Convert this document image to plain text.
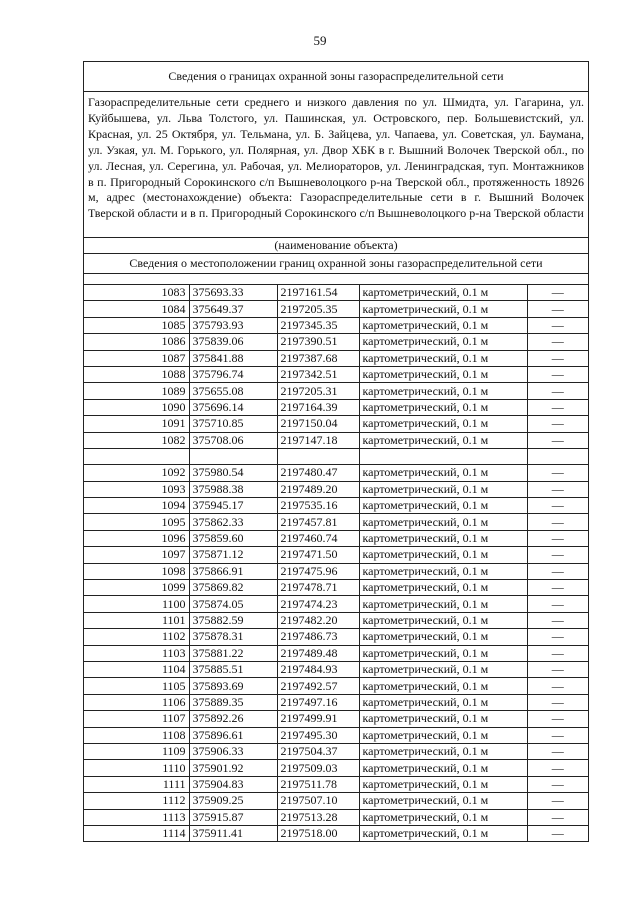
59
Сведения о границах охранной зоны газораспределительной сети
Газораспределительные сети среднего и низкого давления по ул. Шмидта, ул. Гагарина, ул. Куйбышева, ул. Льва Толстого, ул. Пашинская, ул. Островского, пер. Большевистский, ул. Красная, ул. 25 Октября, ул. Тельмана, ул. Б. Зайцева, ул. Чапаева, ул. Советская, ул. Баумана, ул. Узкая, ул. М. Горького, ул. Полярная, ул. Двор ХБК в г. Вышний Волочек Тверской обл., по ул. Лесная, ул. Серегина, ул. Рабочая, ул. Мелиораторов, ул. Ленинградская, туп. Монтажников в п. Пригородный Сорокинского с/п Вышневолоцкого р-на Тверской обл., протяженность 18926 м, адрес (местонахождение) объекта: Газораспределительные сети в г. Вышний Волочек Тверской области и в п. Пригородный Сорокинского с/п Вышневолоцкого р-на Тверской области
(наименование объекта)
Сведения о местоположении границ охранной зоны газораспределительной сети
1083	375693.33	2197161.54	картометрический, 0.1 м	—
1084	375649.37	2197205.35	картометрический, 0.1 м	—
1085	375793.93	2197345.35	картометрический, 0.1 м	—
1086	375839.06	2197390.51	картометрический, 0.1 м	—
1087	375841.88	2197387.68	картометрический, 0.1 м	—
1088	375796.74	2197342.51	картометрический, 0.1 м	—
1089	375655.08	2197205.31	картометрический, 0.1 м	—
1090	375696.14	2197164.39	картометрический, 0.1 м	—
1091	375710.85	2197150.04	картометрический, 0.1 м	—
1082	375708.06	2197147.18	картометрический, 0.1 м	—

1092	375980.54	2197480.47	картометрический, 0.1 м	—
1093	375988.38	2197489.20	картометрический, 0.1 м	—
1094	375945.17	2197535.16	картометрический, 0.1 м	—
1095	375862.33	2197457.81	картометрический, 0.1 м	—
1096	375859.60	2197460.74	картометрический, 0.1 м	—
1097	375871.12	2197471.50	картометрический, 0.1 м	—
1098	375866.91	2197475.96	картометрический, 0.1 м	—
1099	375869.82	2197478.71	картометрический, 0.1 м	—
1100	375874.05	2197474.23	картометрический, 0.1 м	—
1101	375882.59	2197482.20	картометрический, 0.1 м	—
1102	375878.31	2197486.73	картометрический, 0.1 м	—
1103	375881.22	2197489.48	картометрический, 0.1 м	—
1104	375885.51	2197484.93	картометрический, 0.1 м	—
1105	375893.69	2197492.57	картометрический, 0.1 м	—
1106	375889.35	2197497.16	картометрический, 0.1 м	—
1107	375892.26	2197499.91	картометрический, 0.1 м	—
1108	375896.61	2197495.30	картометрический, 0.1 м	—
1109	375906.33	2197504.37	картометрический, 0.1 м	—
1110	375901.92	2197509.03	картометрический, 0.1 м	—
1111	375904.83	2197511.78	картометрический, 0.1 м	—
1112	375909.25	2197507.10	картометрический, 0.1 м	—
1113	375915.87	2197513.28	картометрический, 0.1 м	—
1114	375911.41	2197518.00	картометрический, 0.1 м	—
